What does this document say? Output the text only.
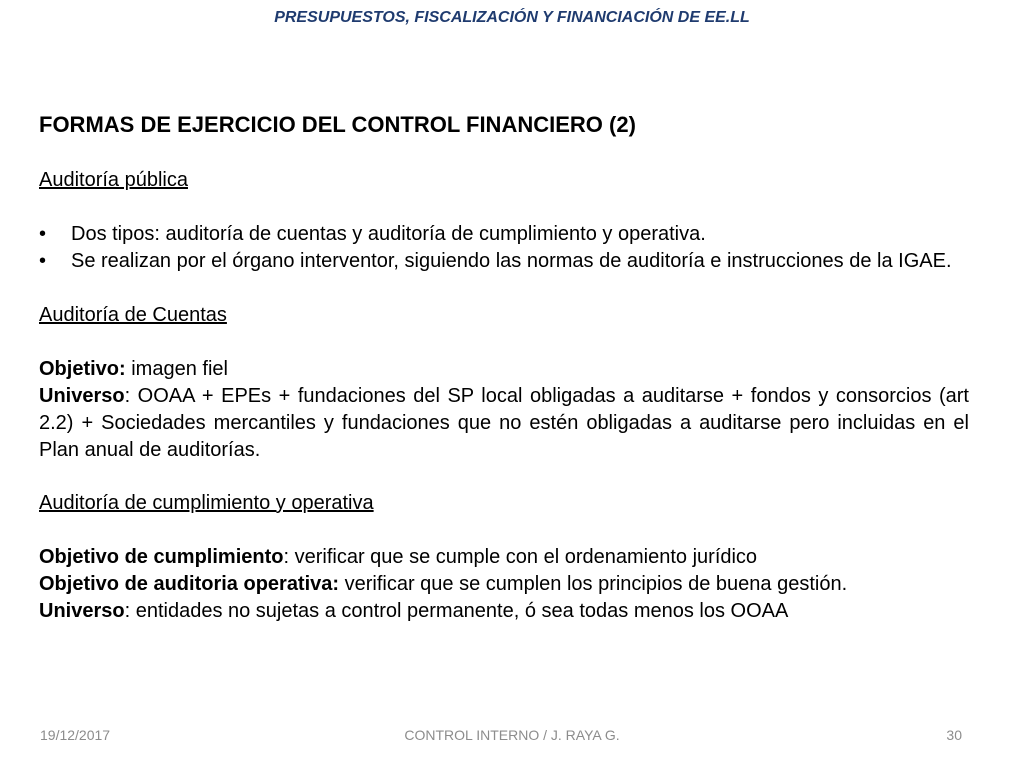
PRESUPUESTOS, FISCALIZACIÓN Y FINANCIACIÓN DE EE.LL
FORMAS DE EJERCICIO DEL CONTROL FINANCIERO (2)
Auditoría pública
•	Dos tipos: auditoría de cuentas y auditoría de cumplimiento y operativa.
•	Se realizan por el órgano interventor, siguiendo las normas de auditoría e instrucciones de la IGAE.
Auditoría de Cuentas
Objetivo: imagen fiel
Universo: OOAA + EPEs + fundaciones del SP local obligadas a auditarse + fondos y consorcios (art 2.2) + Sociedades mercantiles y fundaciones que no estén obligadas a auditarse pero incluidas en el Plan anual de auditorías.
Auditoría de cumplimiento y operativa
Objetivo de cumplimiento: verificar que se cumple con el ordenamiento jurídico
Objetivo de auditoria operativa: verificar que se cumplen los principios de buena gestión.
Universo: entidades no sujetas a control permanente, ó sea todas menos los OOAA
19/12/2017	CONTROL INTERNO / J. RAYA G.	30
